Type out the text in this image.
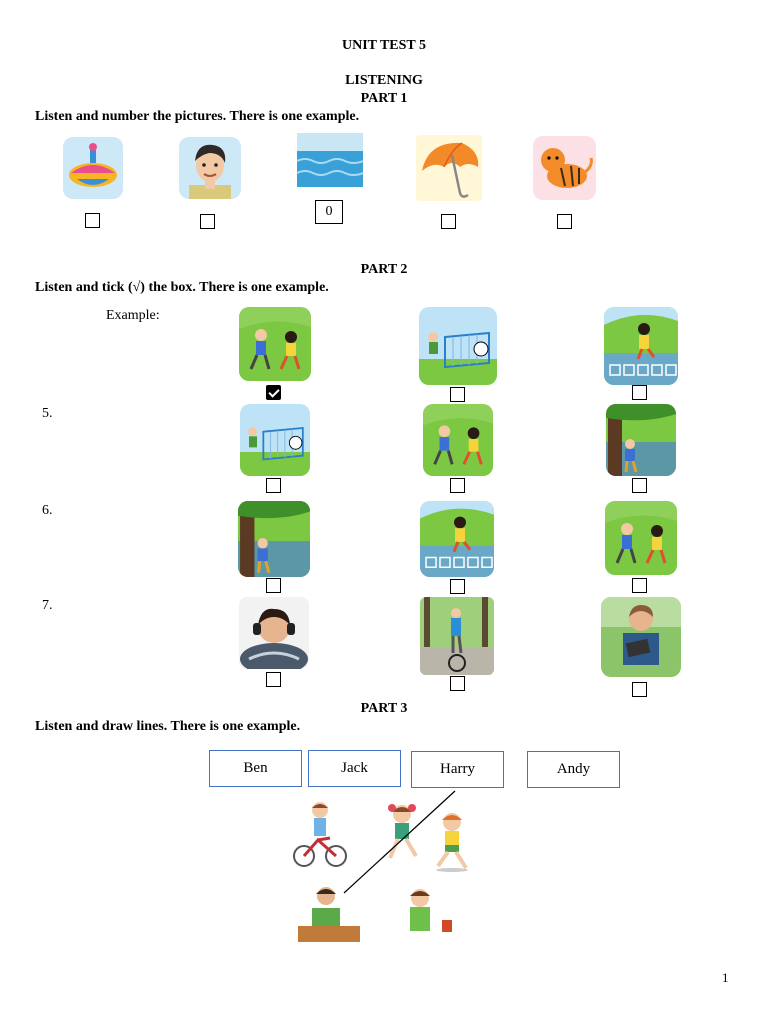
UNIT TEST 5
LISTENING
PART 1
Listen and number the pictures. There is one example.
0
PART 2
Listen and tick (√) the box. There is one example.
Example:
5.
6.
7.
PART 3
Listen and draw lines. There is one example.
Ben	Jack	Harry	Andy
1
